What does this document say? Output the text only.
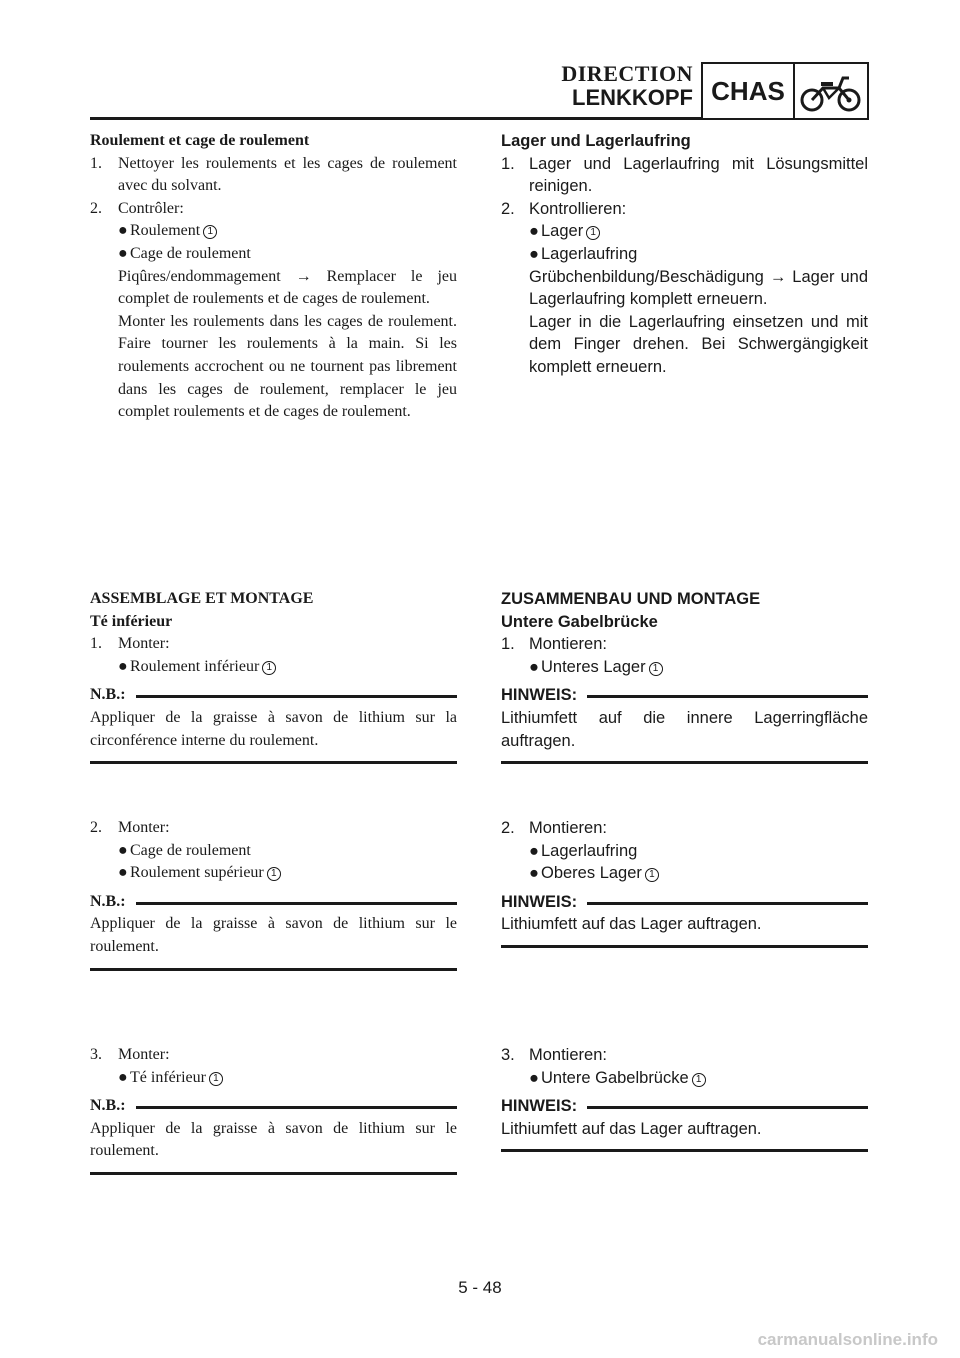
DIRECTION
LENKKOPF CHAS
Roulement et cage de roulement
1. Nettoyer les roulements et les cages de roulement avec du solvant.
2. Contrôler:
● Roulement 1
● Cage de roulement
Piqûres/endommagement → Remplacer le jeu complet de roulements et de cages de roulement.
Monter les roulements dans les cages de roulement. Faire tourner les roulements à la main. Si les roulements accrochent ou ne tournent pas librement dans les cages de roulement, remplacer le jeu complet roulements et de cages de roulement.
Lager und Lagerlaufring
1. Lager und Lagerlaufring mit Lösungsmittel reinigen.
2. Kontrollieren:
● Lager 1
● Lagerlaufring
Grübchenbildung/Beschädigung → Lager und Lagerlaufring komplett erneuern.
Lager in die Lagerlaufring einsetzen und mit dem Finger drehen. Bei Schwergängigkeit komplett erneuern.
ASSEMBLAGE ET MONTAGE
Té inférieur
1. Monter:
● Roulement inférieur 1
N.B.:
Appliquer de la graisse à savon de lithium sur la circonférence interne du roulement.
ZUSAMMENBAU UND MONTAGE
Untere Gabelbrücke
1. Montieren:
● Unteres Lager 1
HINWEIS:
Lithiumfett auf die innere Lagerringfläche auftragen.
2. Monter:
● Cage de roulement
● Roulement supérieur 1
N.B.:
Appliquer de la graisse à savon de lithium sur le roulement.
2. Montieren:
● Lagerlaufring
● Oberes Lager 1
HINWEIS:
Lithiumfett auf das Lager auftragen.
3. Monter:
● Té inférieur 1
N.B.:
Appliquer de la graisse à savon de lithium sur le roulement.
3. Montieren:
● Untere Gabelbrücke 1
HINWEIS:
Lithiumfett auf das Lager auftragen.
5 - 48
carmanualsonline.info
